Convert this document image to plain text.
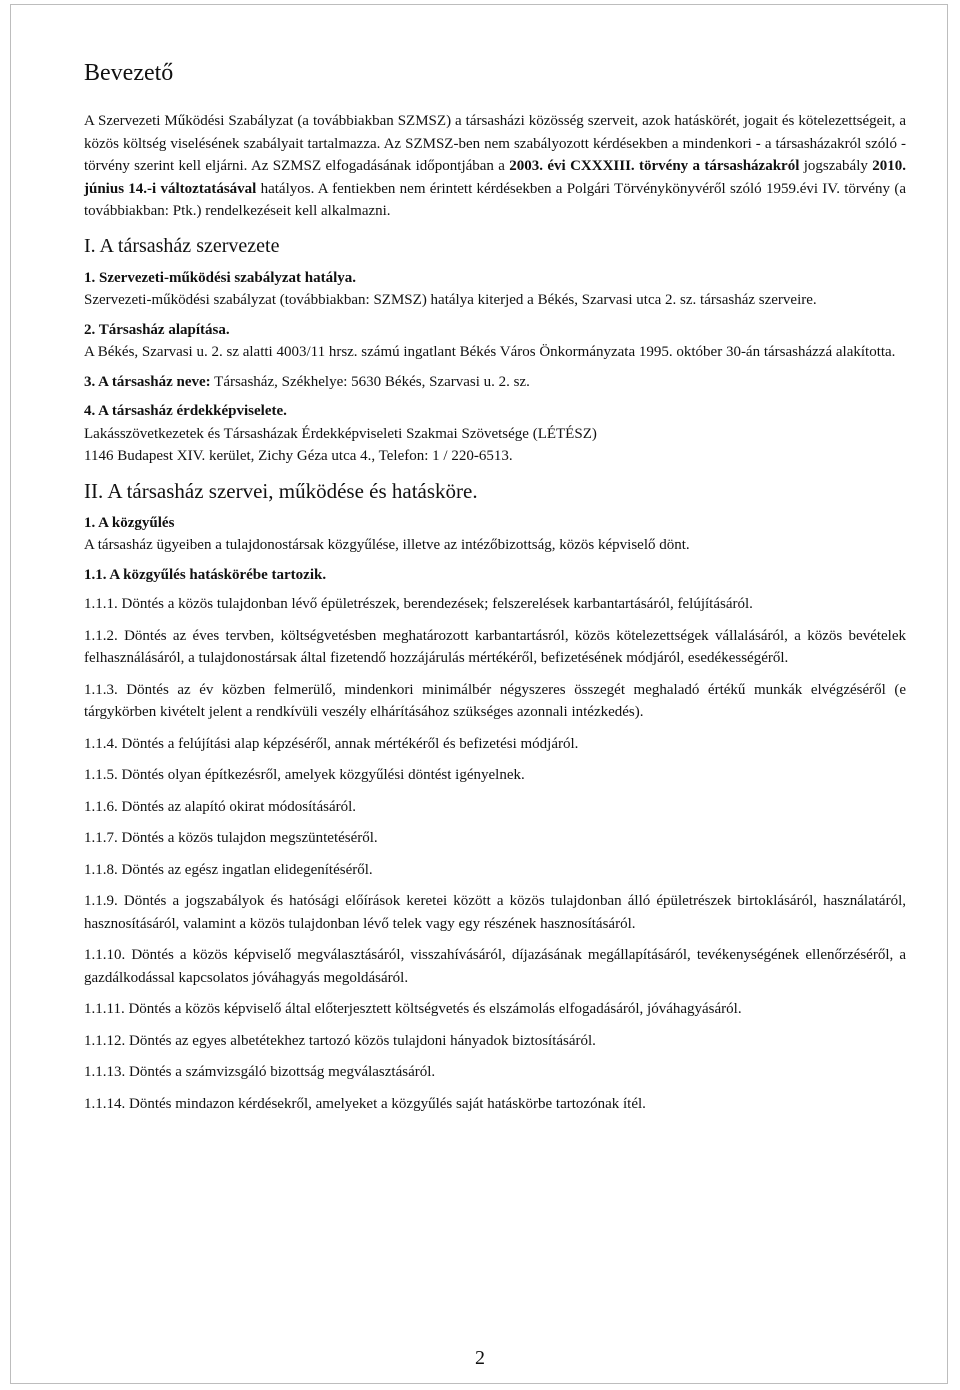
Bevezető

A Szervezeti Működési Szabályzat (a továbbiakban SZMSZ) a társasházi közösség szerveit, azok hatáskörét, jogait és kötelezettségeit, a közös költség viselésének szabályait tartalmazza. Az SZMSZ-ben nem szabályozott kérdésekben a mindenkori - a társasházakról szóló - törvény szerint kell eljárni. Az SZMSZ elfogadásának időpontjában a 2003. évi CXXXIII. törvény a társasházakról jogszabály 2010. június 14.-i változtatásával hatályos. A fentiekben nem érintett kérdésekben a Polgári Törvénykönyvéről szóló 1959.évi IV. törvény (a továbbiakban: Ptk.) rendelkezéseit kell alkalmazni.

I. A társasház szervezete
1. Szervezeti-működési szabályzat hatálya.

Szervezeti-működési szabályzat (továbbiakban: SZMSZ) hatálya kiterjed a Békés, Szarvasi utca 2. sz. társasház szerveire.

2. Társasház alapítása.

A Békés, Szarvasi u. 2. sz alatti 4003/11 hrsz. számú ingatlant Békés Város Önkormányzata 1995. október 30-án társasházzá alakította.

3. A társasház neve: Társasház, Székhelye: 5630 Békés, Szarvasi u. 2. sz.

4. A társasház érdekképviselete.
Lakásszövetkezetek és Társasházak Érdekképviseleti Szakmai Szövetsége (LÉTÉSZ)

1146 Budapest XIV. kerület, Zichy Géza utca 4., Telefon: 1 / 220-6513.

II. A társasház szervei, működése és hatásköre.
1. A közgyűlés

A társasház ügyeiben a tulajdonostársak közgyűlése, illetve az intézőbizottság, közös képviselő dönt.

1.1. A közgyűlés hatáskörébe tartozik.

1.1.1. Döntés a közös tulajdonban lévő épületrészek, berendezések; felszerelések karbantartásáról, felújításáról.

1.1.2. Döntés az éves tervben, költségvetésben meghatározott karbantartásról, közös kötelezettségek vállalásáról, a közös bevételek felhasználásáról, a tulajdonostársak által fizetendő hozzájárulás mértékéről, befizetésének módjáról, esedékességéről.

1.1.3. Döntés az év közben felmerülő, mindenkori minimálbér négyszeres összegét meghaladó értékű munkák elvégzéséről (e tárgykörben kivételt jelent a rendkívüli veszély elhárításához szükséges azonnali intézkedés).

1.1.4. Döntés a felújítási alap képzéséről, annak mértékéről és befizetési módjáról.

1.1.5. Döntés olyan építkezésről, amelyek közgyűlési döntést igényelnek.

1.1.6. Döntés az alapító okirat módosításáról.

1.1.7. Döntés a közös tulajdon megszüntetéséről.

1.1.8. Döntés az egész ingatlan elidegenítéséről.

1.1.9. Döntés a jogszabályok és hatósági előírások keretei között a közös tulajdonban álló épületrészek birtoklásáról, használatáról, hasznosításáról, valamint a közös tulajdonban lévő telek vagy egy részének hasznosításáról.

1.1.10. Döntés a közös képviselő megválasztásáról, visszahívásáról, díjazásának megállapításáról, tevékenységének ellenőrzéséről, a gazdálkodással kapcsolatos jóváhagyás megoldásáról.

1.1.11. Döntés a közös képviselő által előterjesztett költségvetés és elszámolás elfogadásáról, jóváhagyásáról.

1.1.12. Döntés az egyes albetétekhez tartozó közös tulajdoni hányadok biztosításáról.

1.1.13. Döntés a számvizsgáló bizottság megválasztásáról.

1.1.14. Döntés mindazon kérdésekről, amelyeket a közgyűlés saját hatáskörbe tartozónak ítél.

2
